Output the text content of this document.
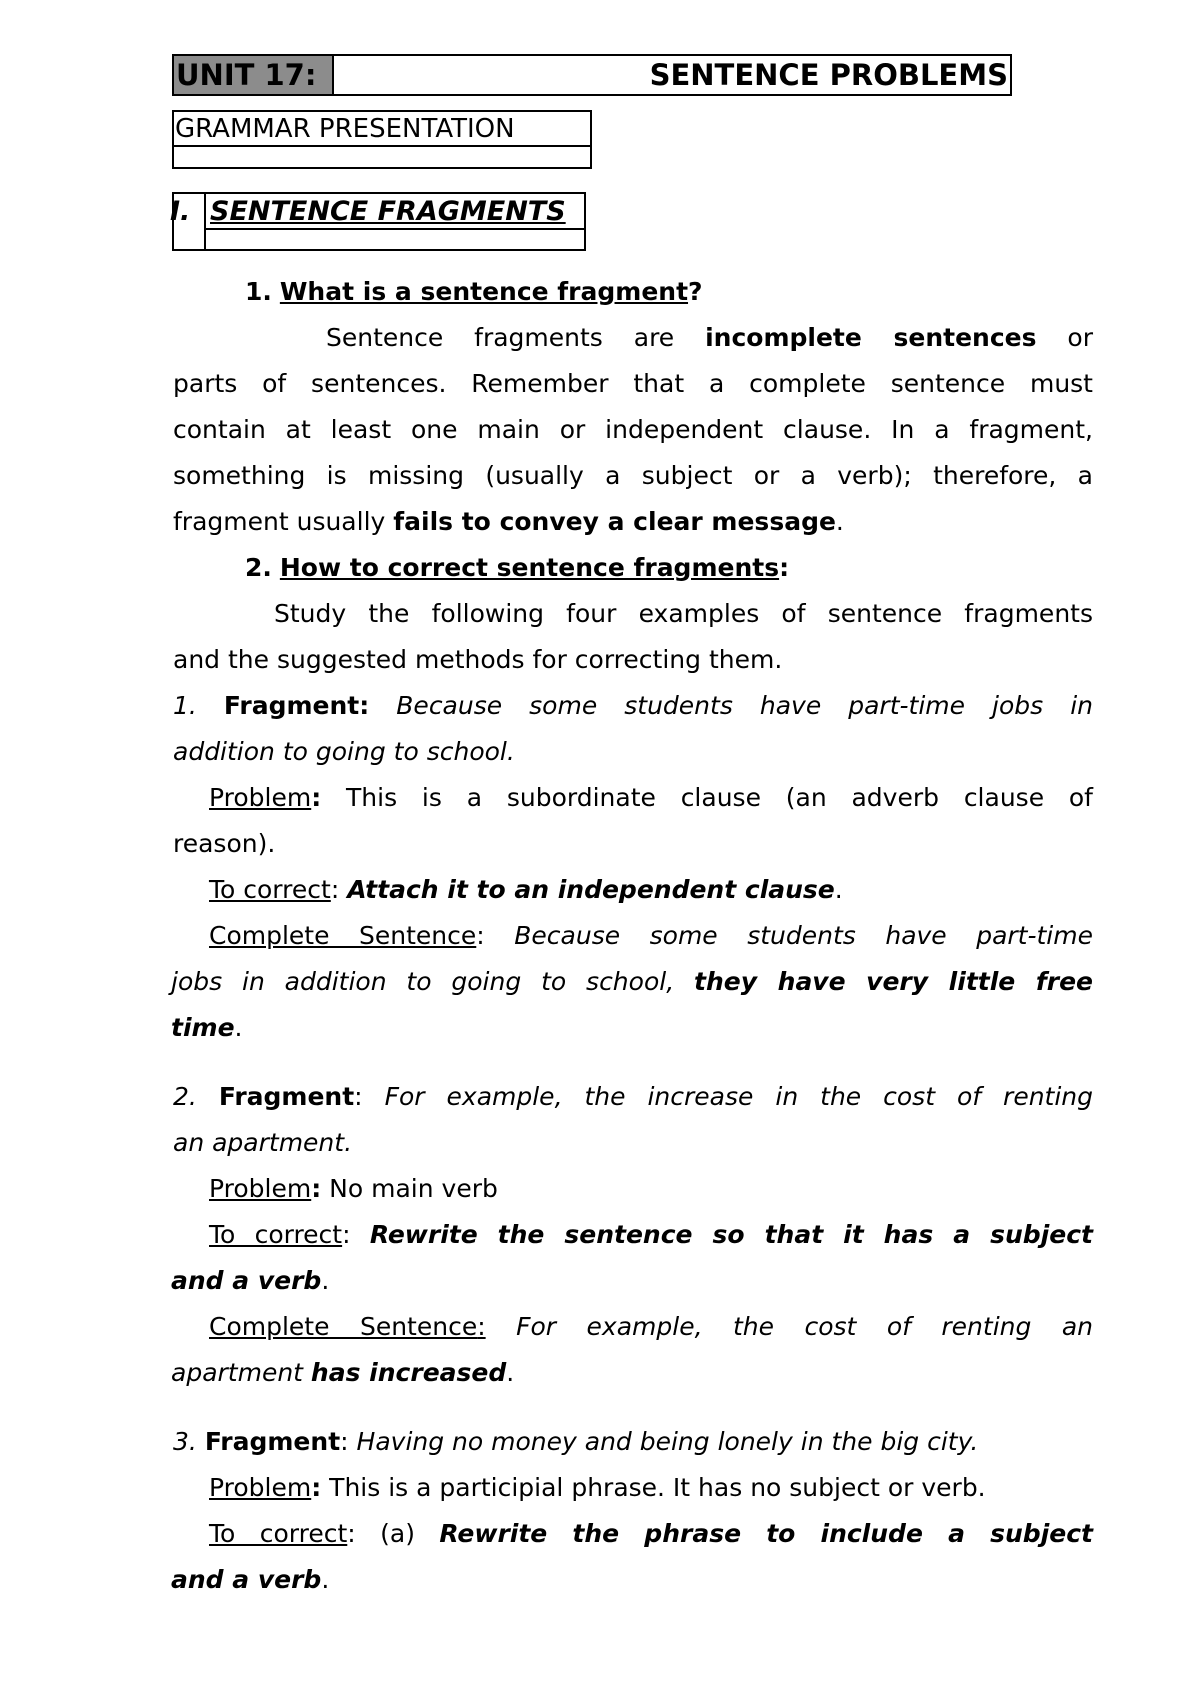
UNIT 17:	SENTENCE PROBLEMS
GRAMMAR PRESENTATION
I. SENTENCE FRAGMENTS
1. What is a sentence fragment?
Sentence fragments are incomplete sentences or
parts of sentences. Remember that a complete sentence must
contain at least one main or independent clause. In a fragment,
something is missing (usually a subject or a verb); therefore, a
fragment usually fails to convey a clear message.
2. How to correct sentence fragments:
Study the following four examples of sentence fragments
and the suggested methods for correcting them.
1. Fragment: Because some students have part-time jobs in
addition to going to school.
Problem: This is a subordinate clause (an adverb clause of
reason).
To correct: Attach it to an independent clause.
Complete Sentence: Because some students have part-time
jobs in addition to going to school, they have very little free
time.
2. Fragment: For example, the increase in the cost of renting
an apartment.
Problem: No main verb
To correct: Rewrite the sentence so that it has a subject
and a verb.
Complete Sentence: For example, the cost of renting an
apartment has increased.
3. Fragment: Having no money and being lonely in the big city.
Problem: This is a participial phrase. It has no subject or verb.
To correct: (a) Rewrite the phrase to include a subject
and a verb.
